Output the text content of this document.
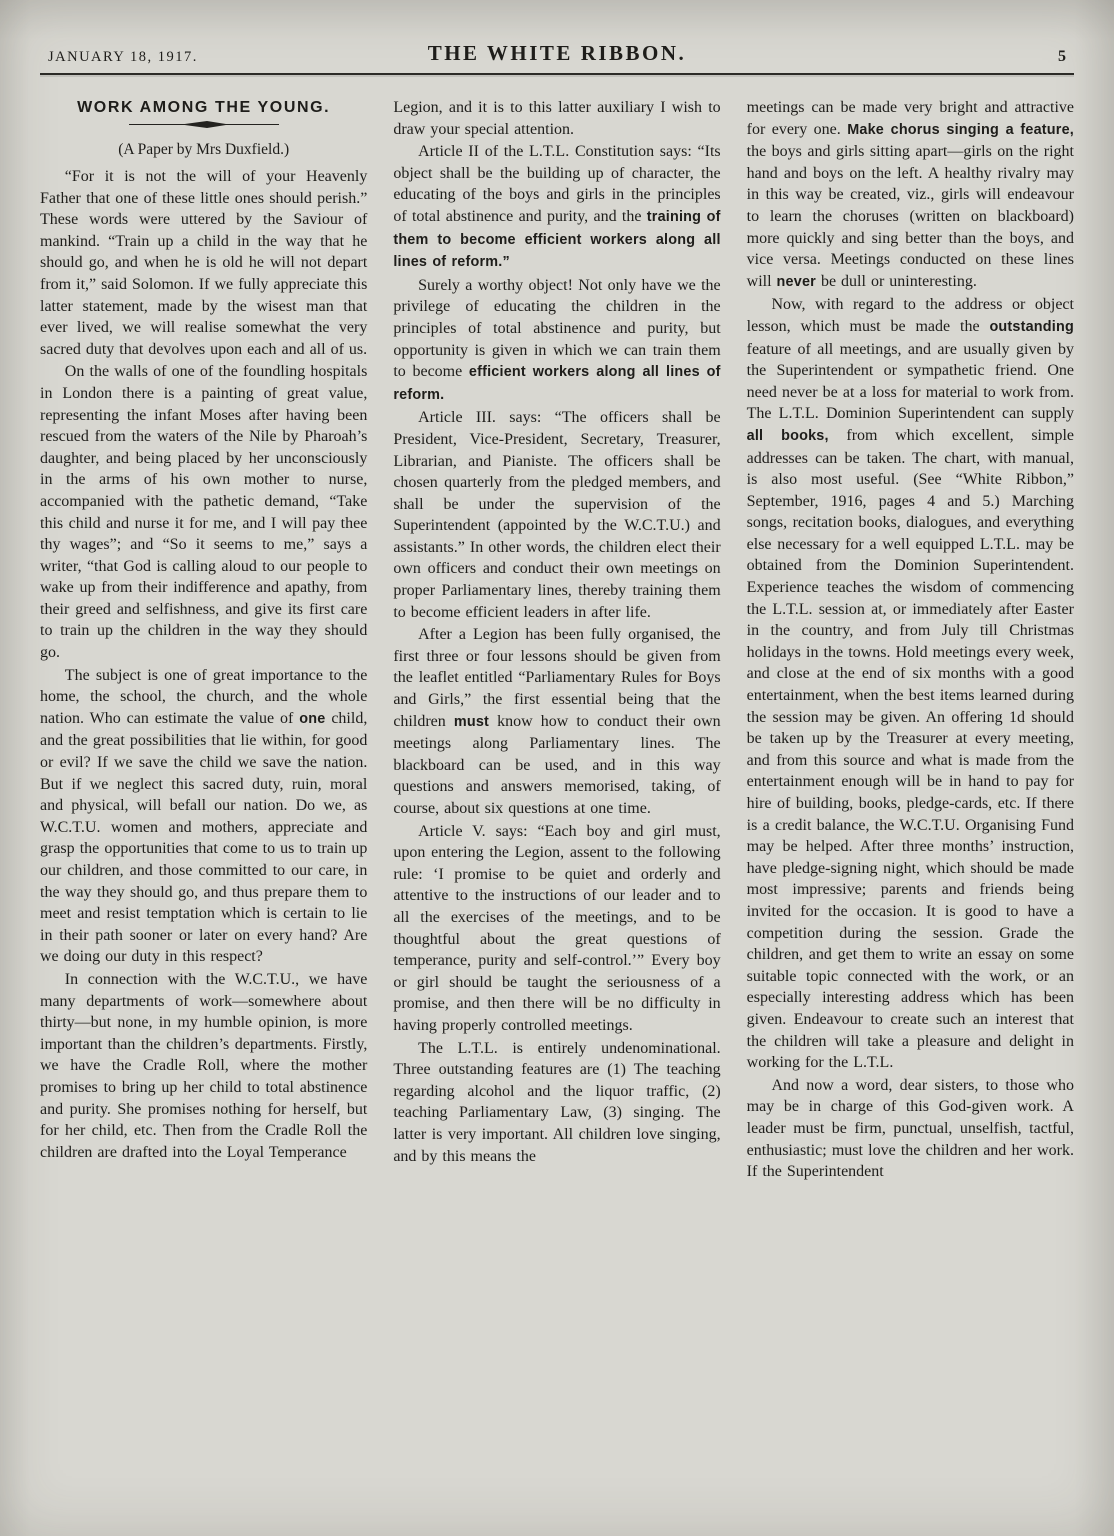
JANUARY 18, 1917.	THE WHITE RIBBON.	5
WORK AMONG THE YOUNG.
(A Paper by Mrs Duxfield.)

“For it is not the will of your Heavenly Father that one of these little ones should perish.” These words were uttered by the Saviour of mankind. “Train up a child in the way that he should go, and when he is old he will not depart from it,” said Solomon. If we fully appreciate this latter statement, made by the wisest man that ever lived, we will realise somewhat the very sacred duty that devolves upon each and all of us.

On the walls of one of the foundling hospitals in London there is a painting of great value, representing the infant Moses after having been rescued from the waters of the Nile by Pharoah’s daughter, and being placed by her unconsciously in the arms of his own mother to nurse, accompanied with the pathetic demand, “Take this child and nurse it for me, and I will pay thee thy wages”; and “So it seems to me,” says a writer, “that God is calling aloud to our people to wake up from their indifference and apathy, from their greed and selfishness, and give its first care to train up the children in the way they should go.

The subject is one of great importance to the home, the school, the church, and the whole nation. Who can estimate the value of one child, and the great possibilities that lie within, for good or evil? If we save the child we save the nation. But if we neglect this sacred duty, ruin, moral and physical, will befall our nation. Do we, as W.C.T.U. women and mothers, appreciate and grasp the opportunities that come to us to train up our children, and those committed to our care, in the way they should go, and thus prepare them to meet and resist temptation which is certain to lie in their path sooner or later on every hand? Are we doing our duty in this respect?

In connection with the W.C.T.U., we have many departments of work—somewhere about thirty—but none, in my humble opinion, is more important than the children’s departments. Firstly, we have the Cradle Roll, where the mother promises to bring up her child to total abstinence and purity. She promises nothing for herself, but for her child, etc. Then from the Cradle Roll the children are drafted into the Loyal Temperance

Legion, and it is to this latter auxiliary I wish to draw your special attention.

Article II of the L.T.L. Constitution says: “Its object shall be the building up of character, the educating of the boys and girls in the principles of total abstinence and purity, and the training of them to become efficient workers along all lines of reform.”

Surely a worthy object! Not only have we the privilege of educating the children in the principles of total abstinence and purity, but opportunity is given in which we can train them to become efficient workers along all lines of reform.

Article III. says: “The officers shall be President, Vice-President, Secretary, Treasurer, Librarian, and Pianiste. The officers shall be chosen quarterly from the pledged members, and shall be under the supervision of the Superintendent (appointed by the W.C.T.U.) and assistants.” In other words, the children elect their own officers and conduct their own meetings on proper Parliamentary lines, thereby training them to become efficient leaders in after life.

After a Legion has been fully organised, the first three or four lessons should be given from the leaflet entitled “Parliamentary Rules for Boys and Girls,” the first essential being that the children must know how to conduct their own meetings along Parliamentary lines. The blackboard can be used, and in this way questions and answers memorised, taking, of course, about six questions at one time.

Article V. says: “Each boy and girl must, upon entering the Legion, assent to the following rule: ‘I promise to be quiet and orderly and attentive to the instructions of our leader and to all the exercises of the meetings, and to be thoughtful about the great questions of temperance, purity and self-control.’” Every boy or girl should be taught the seriousness of a promise, and then there will be no difficulty in having properly controlled meetings.

The L.T.L. is entirely undenominational. Three outstanding features are (1) The teaching regarding alcohol and the liquor traffic, (2) teaching Parliamentary Law, (3) singing. The latter is very important. All children love singing, and by this means the

meetings can be made very bright and attractive for every one. Make chorus singing a feature, the boys and girls sitting apart—girls on the right hand and boys on the left. A healthy rivalry may in this way be created, viz., girls will endeavour to learn the choruses (written on blackboard) more quickly and sing better than the boys, and vice versa. Meetings conducted on these lines will never be dull or uninteresting.

Now, with regard to the address or object lesson, which must be made the outstanding feature of all meetings, and are usually given by the Superintendent or sympathetic friend. One need never be at a loss for material to work from. The L.T.L. Dominion Superintendent can supply all books, from which excellent, simple addresses can be taken. The chart, with manual, is also most useful. (See “White Ribbon,” September, 1916, pages 4 and 5.) Marching songs, recitation books, dialogues, and everything else necessary for a well equipped L.T.L. may be obtained from the Dominion Superintendent. Experience teaches the wisdom of commencing the L.T.L. session at, or immediately after Easter in the country, and from July till Christmas holidays in the towns. Hold meetings every week, and close at the end of six months with a good entertainment, when the best items learned during the session may be given. An offering 1d should be taken up by the Treasurer at every meeting, and from this source and what is made from the entertainment enough will be in hand to pay for hire of building, books, pledge-cards, etc. If there is a credit balance, the W.C.T.U. Organising Fund may be helped. After three months’ instruction, have pledge-signing night, which should be made most impressive; parents and friends being invited for the occasion. It is good to have a competition during the session. Grade the children, and get them to write an essay on some suitable topic connected with the work, or an especially interesting address which has been given. Endeavour to create such an interest that the children will take a pleasure and delight in working for the L.T.L.

And now a word, dear sisters, to those who may be in charge of this God-given work. A leader must be firm, punctual, unselfish, tactful, enthusiastic; must love the children and her work. If the Superintendent
